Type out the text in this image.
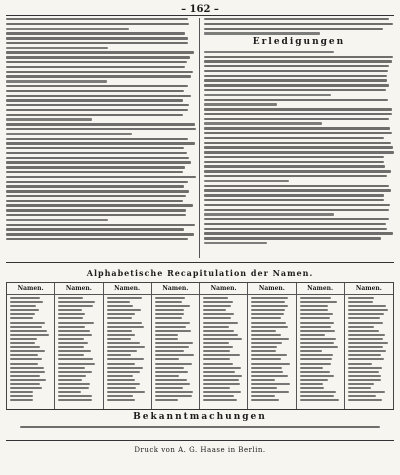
– 162 –
Erledigungen
Alphabetische Recapitulation der Namen.
Namen.	Namen.	Namen.	Namen.	Namen.	Namen.	Namen.	Namen.
Bekanntmachungen
Druck von A. G. Haase in Berlin.
